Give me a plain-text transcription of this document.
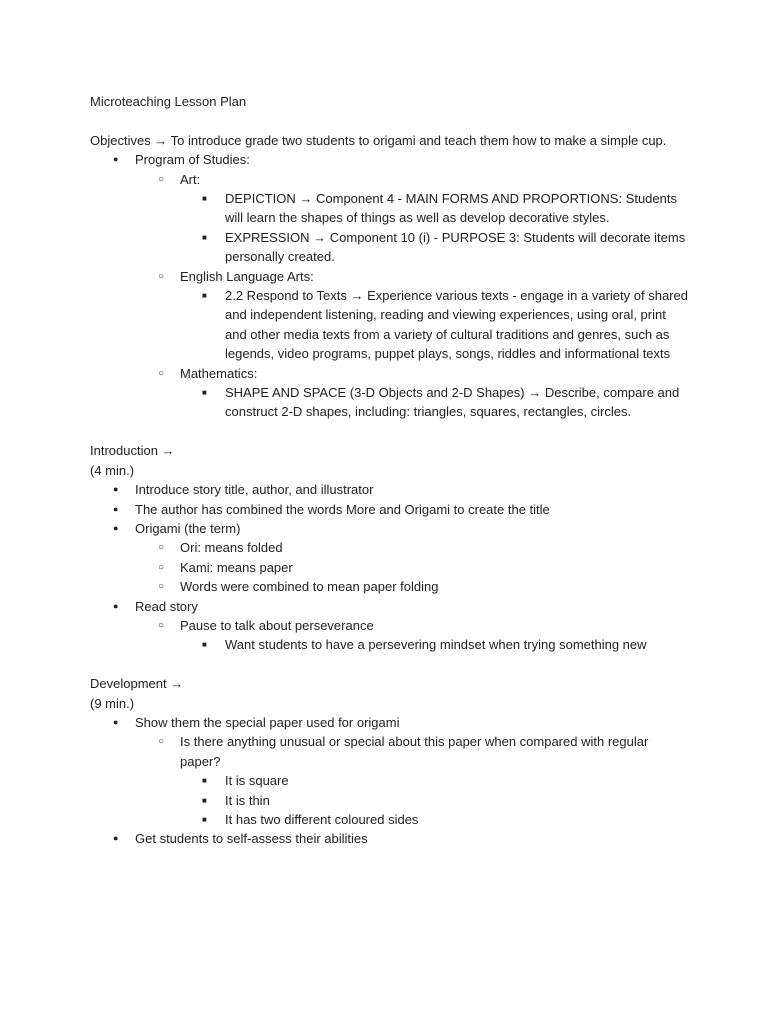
Microteaching Lesson Plan
Objectives → To introduce grade two students to origami and teach them how to make a simple cup.
●	Program of Studies:
○	Art:
■	DEPICTION → Component 4 - MAIN FORMS AND PROPORTIONS: Students will learn the shapes of things as well as develop decorative styles.
■	EXPRESSION → Component 10 (i) - PURPOSE 3: Students will decorate items personally created.
○	English Language Arts:
■	2.2 Respond to Texts → Experience various texts - engage in a variety of shared and independent listening, reading and viewing experiences, using oral, print and other media texts from a variety of cultural traditions and genres, such as legends, video programs, puppet plays, songs, riddles and informational texts
○	Mathematics:
■	SHAPE AND SPACE (3-D Objects and 2-D Shapes) → Describe, compare and construct 2-D shapes, including: triangles, squares, rectangles, circles.
Introduction →
(4 min.)
●	Introduce story title, author, and illustrator
●	The author has combined the words More and Origami to create the title
●	Origami (the term)
○	Ori: means folded
○	Kami: means paper
○	Words were combined to mean paper folding
●	Read story
○	Pause to talk about perseverance
■	Want students to have a persevering mindset when trying something new
Development →
(9 min.)
●	Show them the special paper used for origami
○	Is there anything unusual or special about this paper when compared with regular paper?
■	It is square
■	It is thin
■	It has two different coloured sides
●	Get students to self-assess their abilities
